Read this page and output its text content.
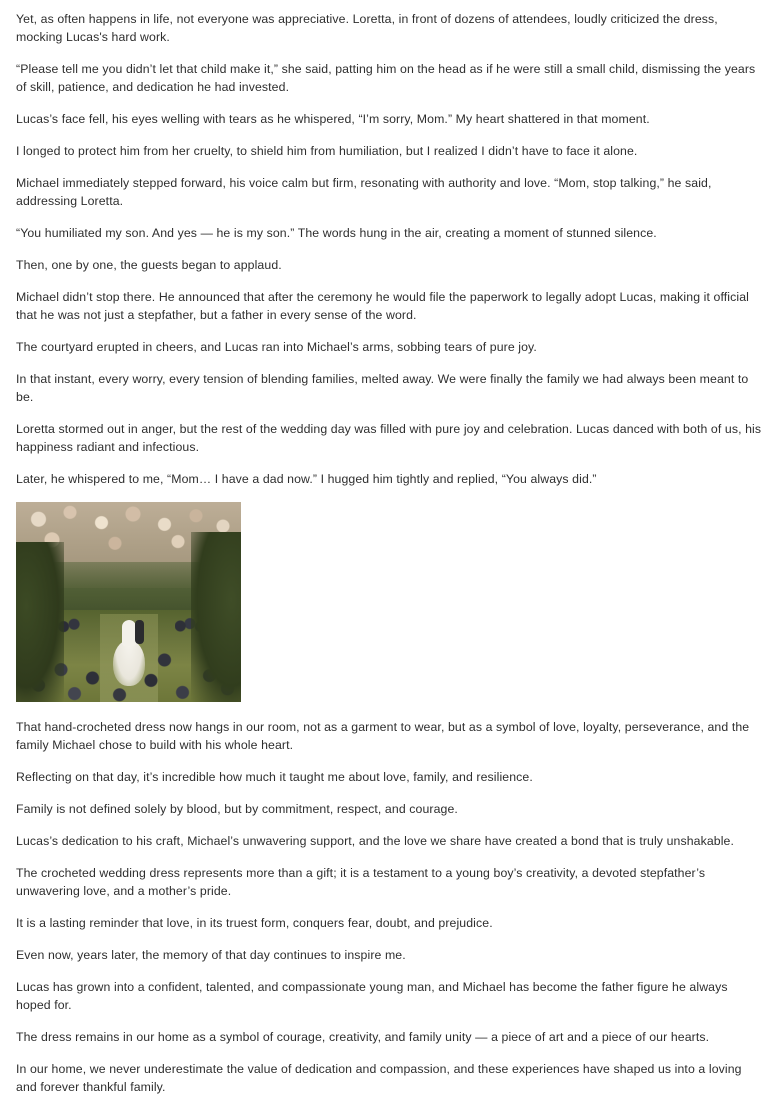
Yet, as often happens in life, not everyone was appreciative. Loretta, in front of dozens of attendees, loudly criticized the dress, mocking Lucas's hard work.

“Please tell me you didn’t let that child make it,” she said, patting him on the head as if he were still a small child, dismissing the years of skill, patience, and dedication he had invested.

Lucas’s face fell, his eyes welling with tears as he whispered, “I’m sorry, Mom.” My heart shattered in that moment.

I longed to protect him from her cruelty, to shield him from humiliation, but I realized I didn’t have to face it alone.

Michael immediately stepped forward, his voice calm but firm, resonating with authority and love. “Mom, stop talking,” he said, addressing Loretta.

“You humiliated my son. And yes — he is my son.” The words hung in the air, creating a moment of stunned silence.

Then, one by one, the guests began to applaud.

Michael didn’t stop there. He announced that after the ceremony he would file the paperwork to legally adopt Lucas, making it official that he was not just a stepfather, but a father in every sense of the word.

The courtyard erupted in cheers, and Lucas ran into Michael’s arms, sobbing tears of pure joy.

In that instant, every worry, every tension of blending families, melted away. We were finally the family we had always been meant to be.

Loretta stormed out in anger, but the rest of the wedding day was filled with pure joy and celebration. Lucas danced with both of us, his happiness radiant and infectious.

Later, he whispered to me, “Mom… I have a dad now.” I hugged him tightly and replied, “You always did.”

That hand-crocheted dress now hangs in our room, not as a garment to wear, but as a symbol of love, loyalty, perseverance, and the family Michael chose to build with his whole heart.

Reflecting on that day, it’s incredible how much it taught me about love, family, and resilience.

Family is not defined solely by blood, but by commitment, respect, and courage.

Lucas’s dedication to his craft, Michael’s unwavering support, and the love we share have created a bond that is truly unshakable.

The crocheted wedding dress represents more than a gift; it is a testament to a young boy’s creativity, a devoted stepfather’s unwavering love, and a mother’s pride.

It is a lasting reminder that love, in its truest form, conquers fear, doubt, and prejudice.

Even now, years later, the memory of that day continues to inspire me.

Lucas has grown into a confident, talented, and compassionate young man, and Michael has become the father figure he always hoped for.

The dress remains in our home as a symbol of courage, creativity, and family unity — a piece of art and a piece of our hearts.

In our home, we never underestimate the value of dedication and compassion, and these experiences have shaped us into a loving and forever thankful family.
